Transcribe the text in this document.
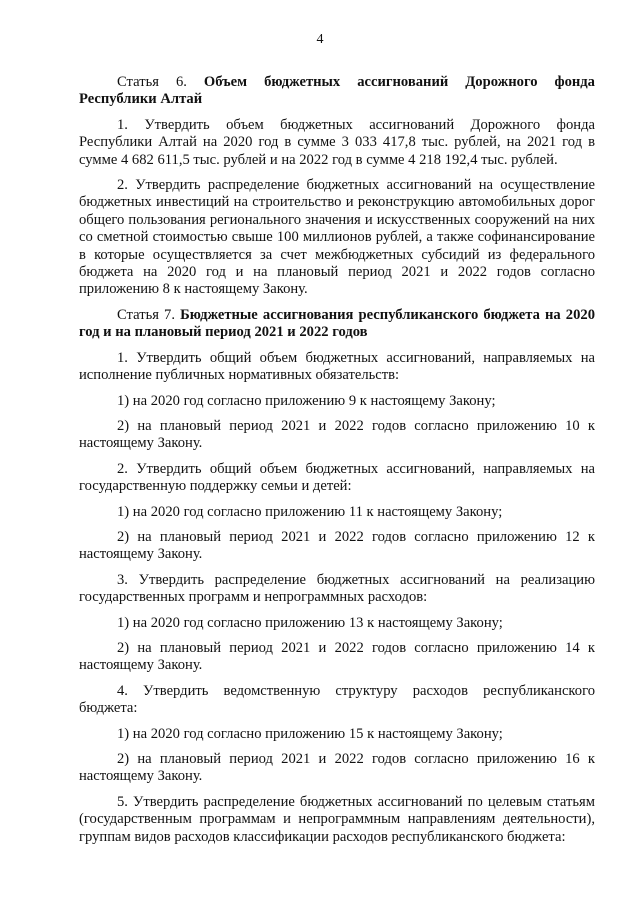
4

Статья 6. Объем бюджетных ассигнований Дорожного фонда Республики Алтай

1. Утвердить объем бюджетных ассигнований Дорожного фонда Республики Алтай на 2020 год в сумме 3 033 417,8 тыс. рублей, на 2021 год в сумме 4 682 611,5 тыс. рублей и на 2022 год в сумме 4 218 192,4 тыс. рублей.

2. Утвердить распределение бюджетных ассигнований на осуществление бюджетных инвестиций на строительство и реконструкцию автомобильных дорог общего пользования регионального значения и искусственных сооружений на них со сметной стоимостью свыше 100 миллионов рублей, а также софинансирование в которые осуществляется за счет межбюджетных субсидий из федерального бюджета на 2020 год и на плановый период 2021 и 2022 годов согласно приложению 8 к настоящему Закону.

Статья 7. Бюджетные ассигнования республиканского бюджета на 2020 год и на плановый период 2021 и 2022 годов

1. Утвердить общий объем бюджетных ассигнований, направляемых на исполнение публичных нормативных обязательств:

1) на 2020 год согласно приложению 9 к настоящему Закону;

2) на плановый период 2021 и 2022 годов согласно приложению 10 к настоящему Закону.

2. Утвердить общий объем бюджетных ассигнований, направляемых на государственную поддержку семьи и детей:

1) на 2020 год согласно приложению 11 к настоящему Закону;

2) на плановый период 2021 и 2022 годов согласно приложению 12 к настоящему Закону.

3. Утвердить распределение бюджетных ассигнований на реализацию государственных программ и непрограммных расходов:

1) на 2020 год согласно приложению 13 к настоящему Закону;

2) на плановый период 2021 и 2022 годов согласно приложению 14 к настоящему Закону.

4. Утвердить ведомственную структуру расходов республиканского бюджета:

1) на 2020 год согласно приложению 15 к настоящему Закону;

2) на плановый период 2021 и 2022 годов согласно приложению 16 к настоящему Закону.

5. Утвердить распределение бюджетных ассигнований по целевым статьям (государственным программам и непрограммным направлениям деятельности), группам видов расходов классификации расходов республиканского бюджета:
